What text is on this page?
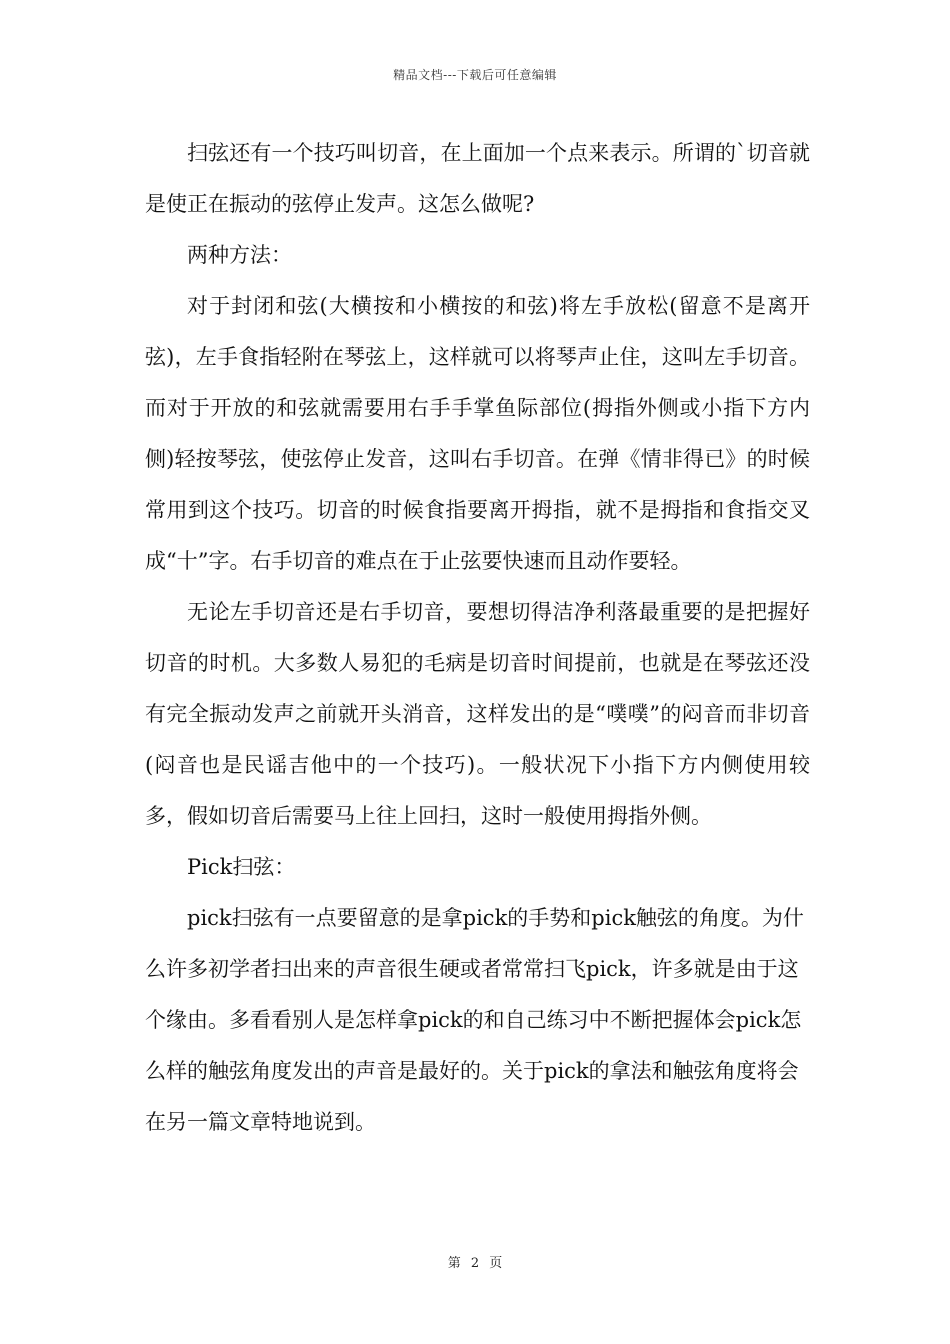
精品文档---下载后可任意编辑

扫弦还有一个技巧叫切音，在上面加一个点来表示。所谓的`切音就是使正在振动的弦停止发声。这怎么做呢?

两种方法：

对于封闭和弦(大横按和小横按的和弦)将左手放松(留意不是离开弦)，左手食指轻附在琴弦上，这样就可以将琴声止住，这叫左手切音。而对于开放的和弦就需要用右手手掌鱼际部位(拇指外侧或小指下方内侧)轻按琴弦，使弦停止发音，这叫右手切音。在弹《情非得已》的时候常用到这个技巧。切音的时候食指要离开拇指，就不是拇指和食指交叉成“十”字。右手切音的难点在于止弦要快速而且动作要轻。

无论左手切音还是右手切音，要想切得洁净利落最重要的是把握好切音的时机。大多数人易犯的毛病是切音时间提前，也就是在琴弦还没有完全振动发声之前就开头消音，这样发出的是“噗噗”的闷音而非切音(闷音也是民谣吉他中的一个技巧)。一般状况下小指下方内侧使用较多，假如切音后需要马上往上回扫，这时一般使用拇指外侧。

Pick扫弦：

pick扫弦有一点要留意的是拿pick的手势和pick触弦的角度。为什么许多初学者扫出来的声音很生硬或者常常扫飞pick，许多就是由于这个缘由。多看看别人是怎样拿pick的和自己练习中不断把握体会pick怎么样的触弦角度发出的声音是最好的。关于pick的拿法和触弦角度将会在另一篇文章特地说到。

第 2 页
